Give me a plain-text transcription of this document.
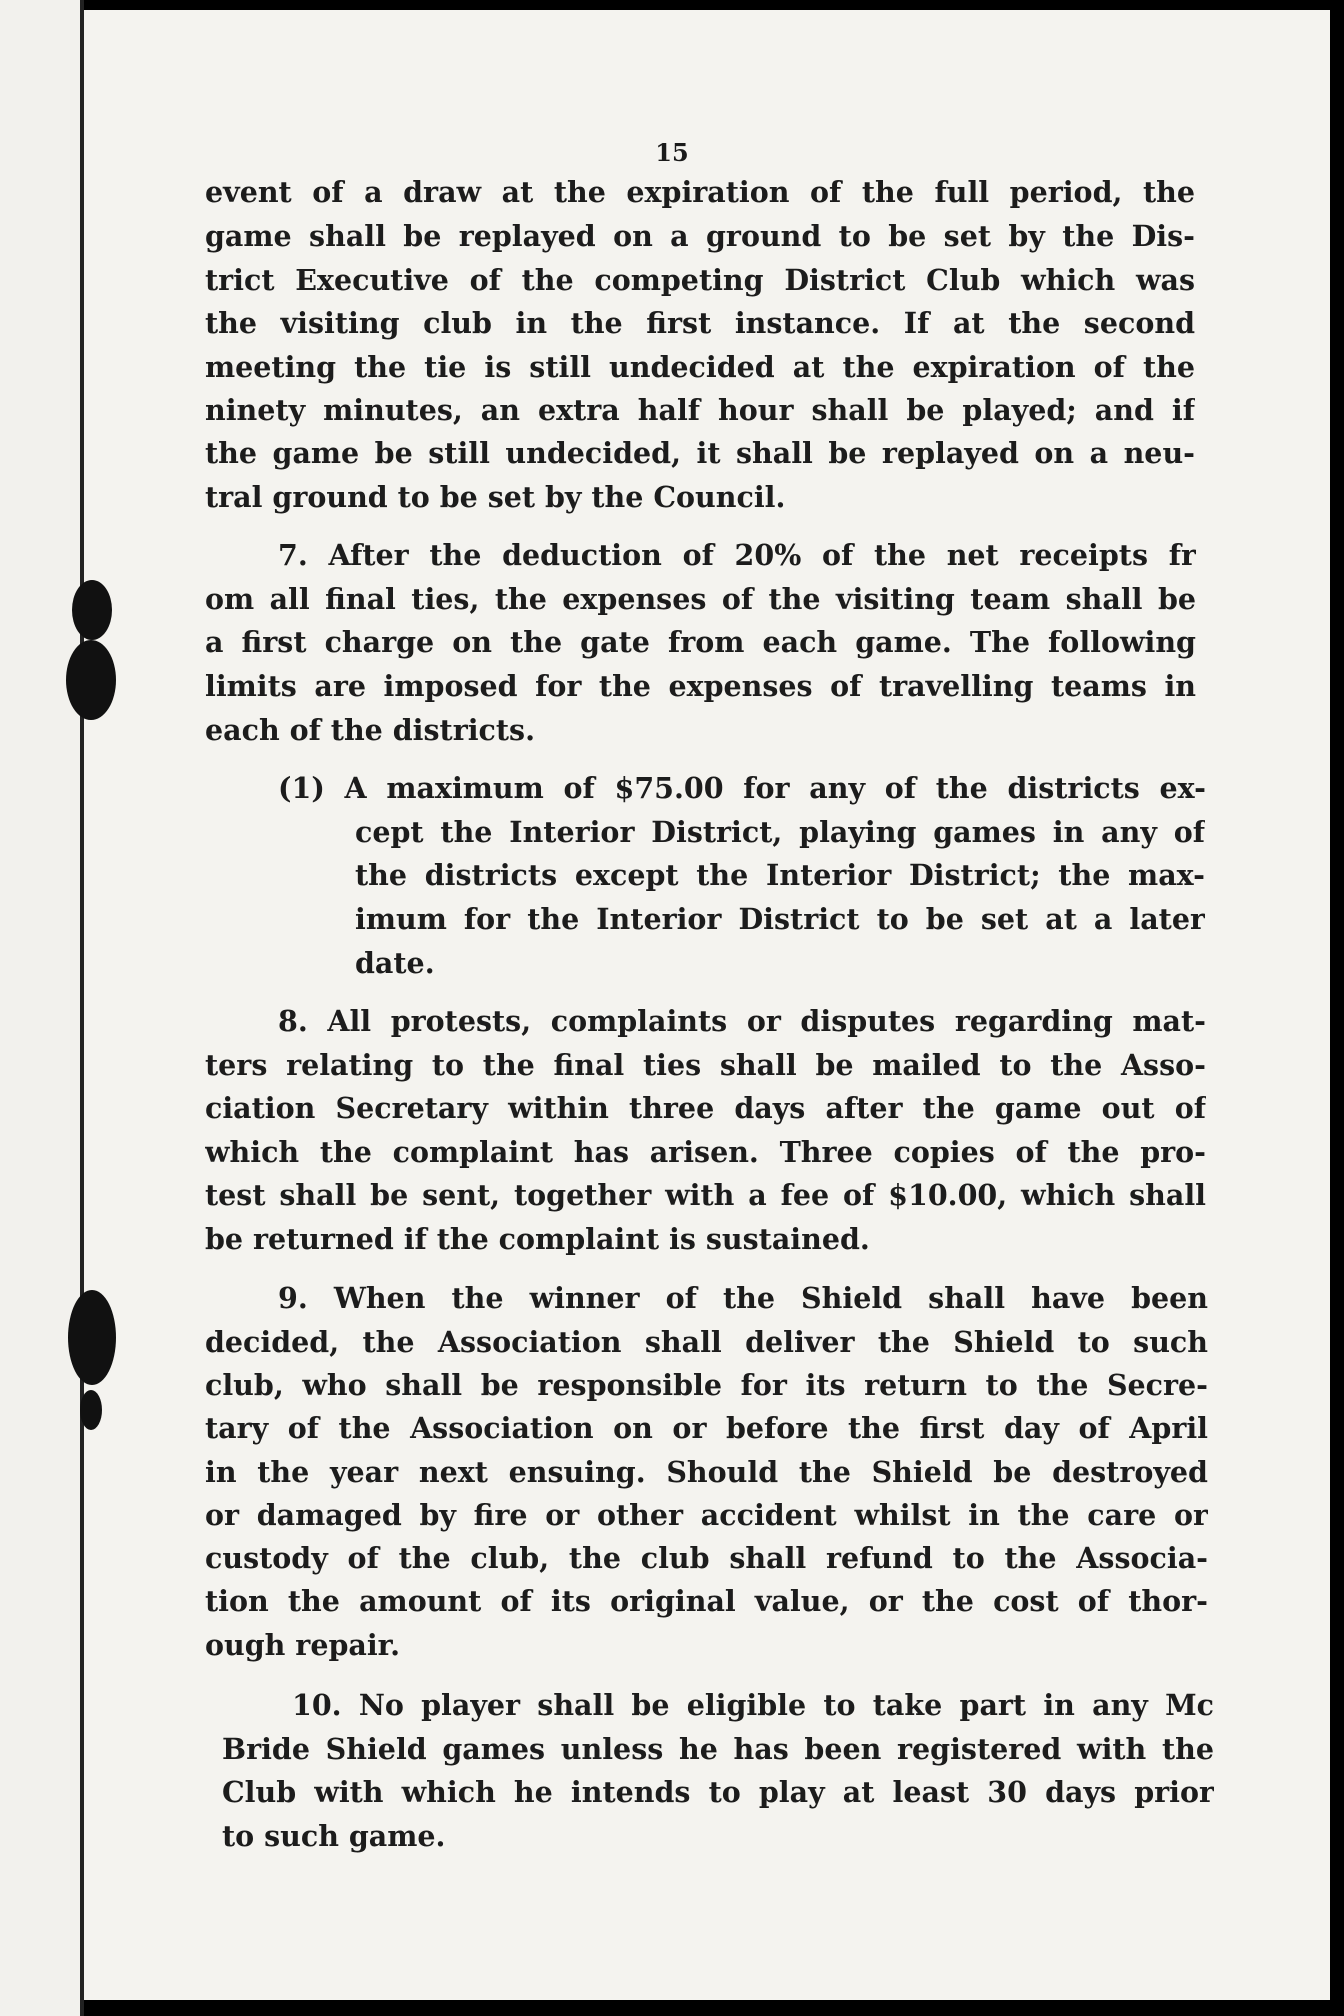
15
event of a draw at the expiration of the full period, the
game shall be replayed on a ground to be set by the Dis-
trict Executive of the competing District Club which was
the visiting club in the first instance. If at the second
meeting the tie is still undecided at the expiration of the
ninety minutes, an extra half hour shall be played; and if
the game be still undecided, it shall be replayed on a neu-
tral ground to be set by the Council.
7. After the deduction of 20% of the net receipts fr
om all final ties, the expenses of the visiting team shall be
a first charge on the gate from each game. The following
limits are imposed for the expenses of travelling teams in
each of the districts.
(1) A maximum of $75.00 for any of the districts ex-
cept the Interior District, playing games in any of
the districts except the Interior District; the max-
imum for the Interior District to be set at a later
date.
8. All protests, complaints or disputes regarding mat-
ters relating to the final ties shall be mailed to the Asso-
ciation Secretary within three days after the game out of
which the complaint has arisen. Three copies of the pro-
test shall be sent, together with a fee of $10.00, which shall
be returned if the complaint is sustained.
9. When the winner of the Shield shall have been
decided, the Association shall deliver the Shield to such
club, who shall be responsible for its return to the Secre-
tary of the Association on or before the first day of April
in the year next ensuing. Should the Shield be destroyed
or damaged by fire or other accident whilst in the care or
custody of the club, the club shall refund to the Associa-
tion the amount of its original value, or the cost of thor-
ough repair.
10. No player shall be eligible to take part in any Mc
Bride Shield games unless he has been registered with the
Club with which he intends to play at least 30 days prior
to such game.
